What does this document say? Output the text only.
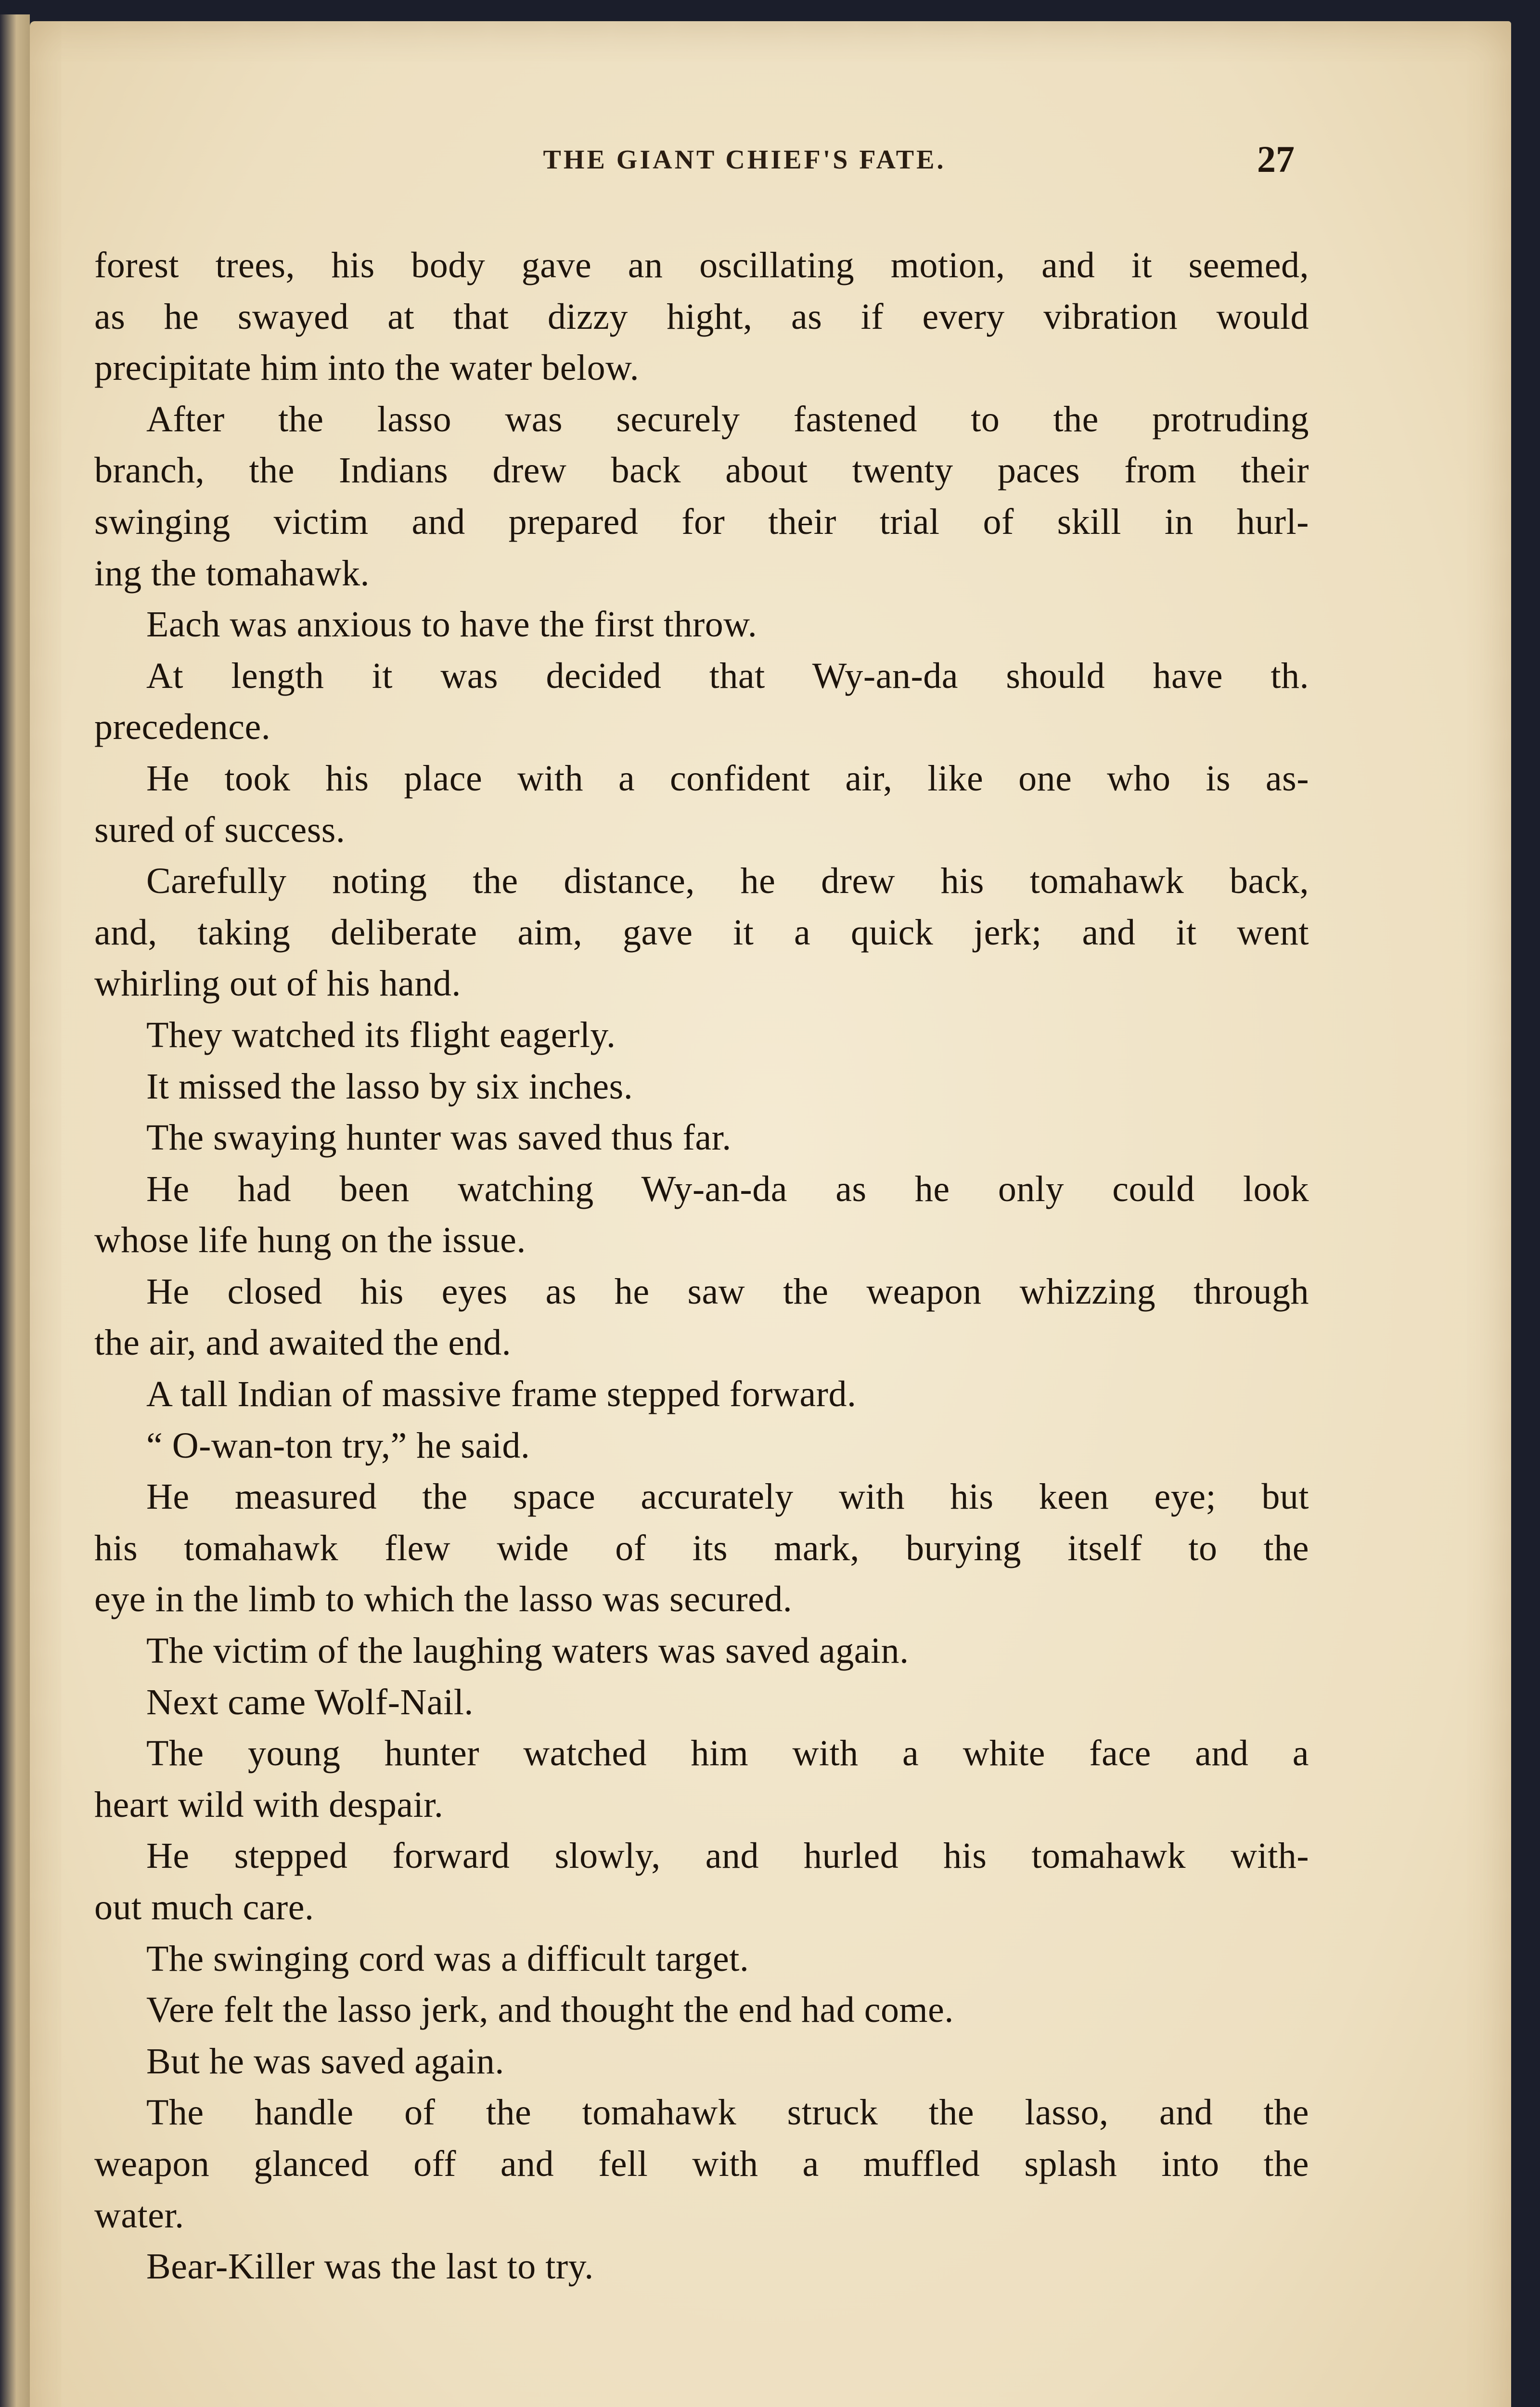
THE GIANT CHIEF'S FATE.	27
forest trees, his body gave an oscillating motion, and it seemed,
as he swayed at that dizzy hight, as if every vibration would
precipitate him into the water below.
After the lasso was securely fastened to the protruding
branch, the Indians drew back about twenty paces from their
swinging victim and prepared for their trial of skill in hurl-
ing the tomahawk.
Each was anxious to have the first throw.
At length it was decided that Wy-an-da should have th.
precedence.
He took his place with a confident air, like one who is as-
sured of success.
Carefully noting the distance, he drew his tomahawk back,
and, taking deliberate aim, gave it a quick jerk; and it went
whirling out of his hand.
They watched its flight eagerly.
It missed the lasso by six inches.
The swaying hunter was saved thus far.
He had been watching Wy-an-da as he only could look
whose life hung on the issue.
He closed his eyes as he saw the weapon whizzing through
the air, and awaited the end.
A tall Indian of massive frame stepped forward.
“ O-wan-ton try,” he said.
He measured the space accurately with his keen eye; but
his tomahawk flew wide of its mark, burying itself to the
eye in the limb to which the lasso was secured.
The victim of the laughing waters was saved again.
Next came Wolf-Nail.
The young hunter watched him with a white face and a
heart wild with despair.
He stepped forward slowly, and hurled his tomahawk with-
out much care.
The swinging cord was a difficult target.
Vere felt the lasso jerk, and thought the end had come.
But he was saved again.
The handle of the tomahawk struck the lasso, and the
weapon glanced off and fell with a muffled splash into the
water.
Bear-Killer was the last to try.
